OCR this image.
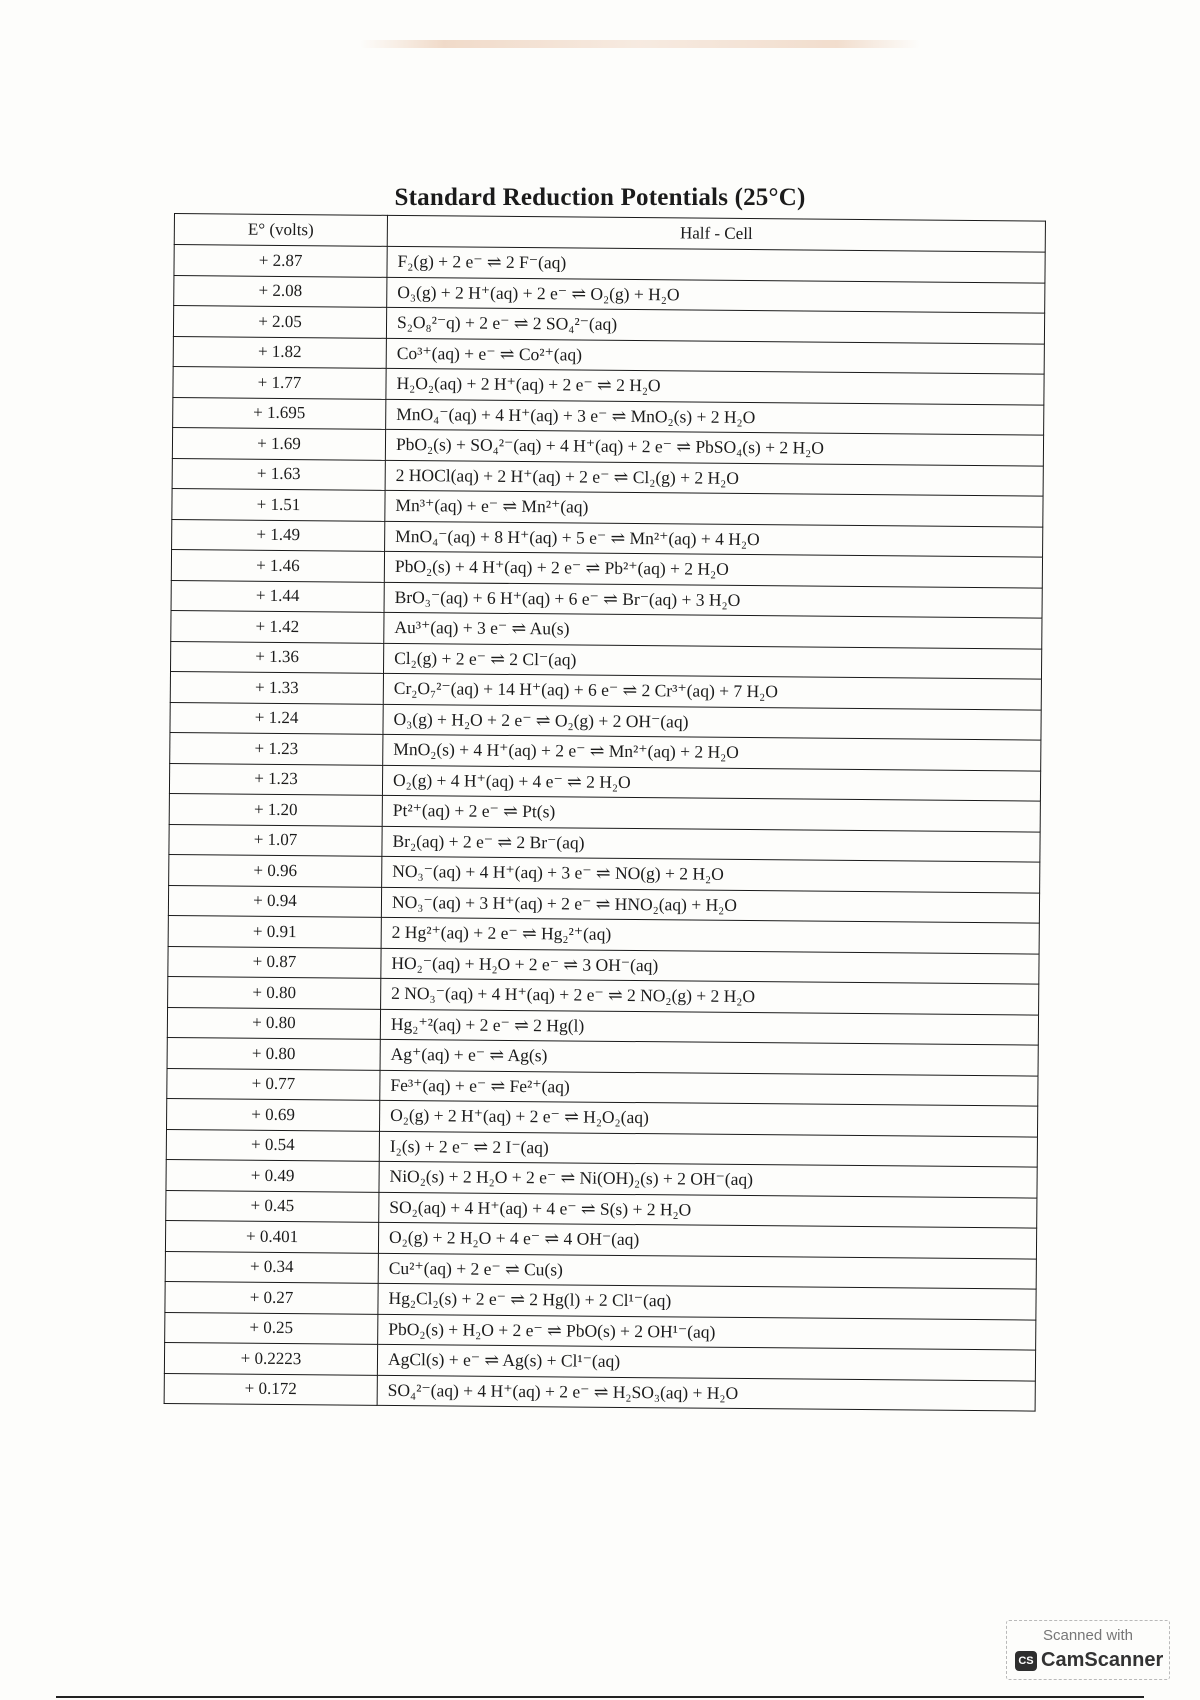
Standard Reduction Potentials (25°C)
E° (volts)	Half - Cell
+ 2.87	F₂(g) + 2 e⁻ ⇌ 2 F⁻(aq)
+ 2.08	O₃(g) + 2 H⁺(aq) + 2 e⁻ ⇌ O₂(g) + H₂O
+ 2.05	S₂O₈²⁻q) + 2 e⁻ ⇌ 2 SO₄²⁻(aq)
+ 1.82	Co³⁺(aq) + e⁻ ⇌ Co²⁺(aq)
+ 1.77	H₂O₂(aq) + 2 H⁺(aq) + 2 e⁻ ⇌ 2 H₂O
+ 1.695	MnO₄⁻(aq) + 4 H⁺(aq) + 3 e⁻ ⇌ MnO₂(s) + 2 H₂O
+ 1.69	PbO₂(s) + SO₄²⁻(aq) + 4 H⁺(aq) + 2 e⁻ ⇌ PbSO₄(s) + 2 H₂O
+ 1.63	2 HOCl(aq) + 2 H⁺(aq) + 2 e⁻ ⇌ Cl₂(g) + 2 H₂O
+ 1.51	Mn³⁺(aq) + e⁻ ⇌ Mn²⁺(aq)
+ 1.49	MnO₄⁻(aq) + 8 H⁺(aq) + 5 e⁻ ⇌ Mn²⁺(aq) + 4 H₂O
+ 1.46	PbO₂(s) + 4 H⁺(aq) + 2 e⁻ ⇌ Pb²⁺(aq) + 2 H₂O
+ 1.44	BrO₃⁻(aq) + 6 H⁺(aq) + 6 e⁻ ⇌ Br⁻(aq) + 3 H₂O
+ 1.42	Au³⁺(aq) + 3 e⁻ ⇌ Au(s)
+ 1.36	Cl₂(g) + 2 e⁻ ⇌ 2 Cl⁻(aq)
+ 1.33	Cr₂O₇²⁻(aq) + 14 H⁺(aq) + 6 e⁻ ⇌ 2 Cr³⁺(aq) + 7 H₂O
+ 1.24	O₃(g) + H₂O + 2 e⁻ ⇌ O₂(g) + 2 OH⁻(aq)
+ 1.23	MnO₂(s) + 4 H⁺(aq) + 2 e⁻ ⇌ Mn²⁺(aq) + 2 H₂O
+ 1.23	O₂(g) + 4 H⁺(aq) + 4 e⁻ ⇌ 2 H₂O
+ 1.20	Pt²⁺(aq) + 2 e⁻ ⇌ Pt(s)
+ 1.07	Br₂(aq) + 2 e⁻ ⇌ 2 Br⁻(aq)
+ 0.96	NO₃⁻(aq) + 4 H⁺(aq) + 3 e⁻ ⇌ NO(g) + 2 H₂O
+ 0.94	NO₃⁻(aq) + 3 H⁺(aq) + 2 e⁻ ⇌ HNO₂(aq) + H₂O
+ 0.91	2 Hg²⁺(aq) + 2 e⁻ ⇌ Hg₂²⁺(aq)
+ 0.87	HO₂⁻(aq) + H₂O + 2 e⁻ ⇌ 3 OH⁻(aq)
+ 0.80	2 NO₃⁻(aq) + 4 H⁺(aq) + 2 e⁻ ⇌ 2 NO₂(g) + 2 H₂O
+ 0.80	Hg₂⁺²(aq) + 2 e⁻ ⇌ 2 Hg(l)
+ 0.80	Ag⁺(aq) + e⁻ ⇌ Ag(s)
+ 0.77	Fe³⁺(aq) + e⁻ ⇌ Fe²⁺(aq)
+ 0.69	O₂(g) + 2 H⁺(aq) + 2 e⁻ ⇌ H₂O₂(aq)
+ 0.54	I₂(s) + 2 e⁻ ⇌ 2 I⁻(aq)
+ 0.49	NiO₂(s) + 2 H₂O + 2 e⁻ ⇌ Ni(OH)₂(s) + 2 OH⁻(aq)
+ 0.45	SO₂(aq) + 4 H⁺(aq) + 4 e⁻ ⇌ S(s) + 2 H₂O
+ 0.401	O₂(g) + 2 H₂O + 4 e⁻ ⇌ 4 OH⁻(aq)
+ 0.34	Cu²⁺(aq) + 2 e⁻ ⇌ Cu(s)
+ 0.27	Hg₂Cl₂(s) + 2 e⁻ ⇌ 2 Hg(l) + 2 Cl¹⁻(aq)
+ 0.25	PbO₂(s) + H₂O + 2 e⁻ ⇌ PbO(s) + 2 OH¹⁻(aq)
+ 0.2223	AgCl(s) + e⁻ ⇌ Ag(s) + Cl¹⁻(aq)
+ 0.172	SO₄²⁻(aq) + 4 H⁺(aq) + 2 e⁻ ⇌ H₂SO₃(aq) + H₂O
Scanned with
CS CamScanner
